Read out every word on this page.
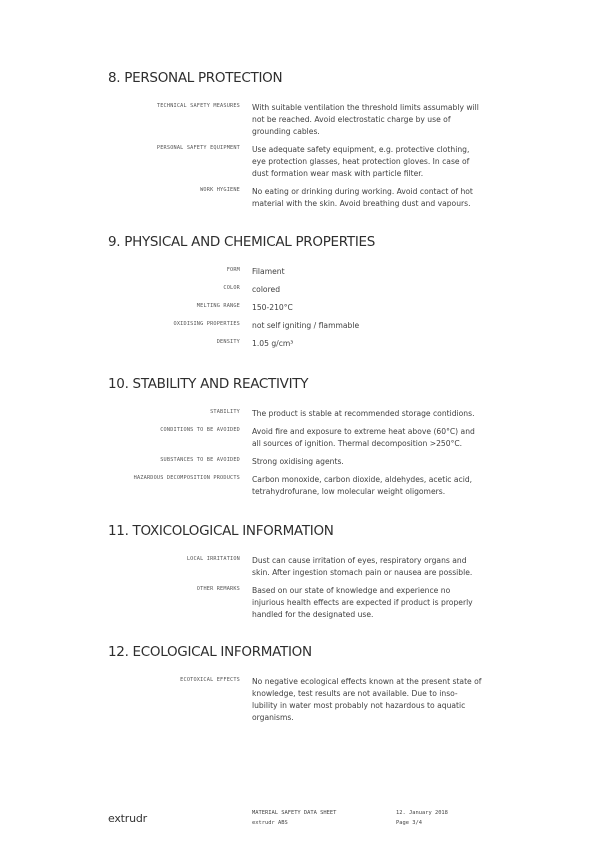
8. PERSONAL PROTECTION
TECHNICAL SAFETY MEASURES With suitable ventilation the threshold limits assumably will not be reached. Avoid electrostatic charge by use of grounding cables.
PERSONAL SAFETY EQUIPMENT Use adequate safety equipment, e.g. protective clothing, eye protection glasses, heat protection gloves. In case of dust formation wear mask with particle filter.
WORK HYGIENE No eating or drinking during working. Avoid contact of hot material with the skin. Avoid breathing dust and vapours.
9. PHYSICAL AND CHEMICAL PROPERTIES
FORM Filament
COLOR colored
MELTING RANGE 150-210°C
OXIDISING PROPERTIES not self igniting / flammable
DENSITY 1.05 g/cm³
10. STABILITY AND REACTIVITY
STABILITY The product is stable at recommended storage contidions.
CONDITIONS TO BE AVOIDED Avoid fire and exposure to extreme heat above (60°C) and all sources of ignition. Thermal decomposition >250°C.
SUBSTANCES TO BE AVOIDED Strong oxidising agents.
HAZARDOUS DECOMPOSITION PRODUCTS Carbon monoxide, carbon dioxide, aldehydes, acetic acid, tetrahydrofurane, low molecular weight oligomers.
11. TOXICOLOGICAL INFORMATION
LOCAL IRRITATION Dust can cause irritation of eyes, respiratory organs and skin. After ingestion stomach pain or nausea are possible.
OTHER REMARKS Based on our state of knowledge and experience no injurious health effects are expected if product is properly handled for the designated use.
12. ECOLOGICAL INFORMATION
ECOTOXICAL EFFECTS No negative ecological effects known at the present state of knowledge, test results are not available. Due to inso-lubility in water most probably not hazardous to aquatic organisms.
extrudr	MATERIAL SAFETY DATA SHEET
extrudr ABS
12. January 2018
Page 3/4
